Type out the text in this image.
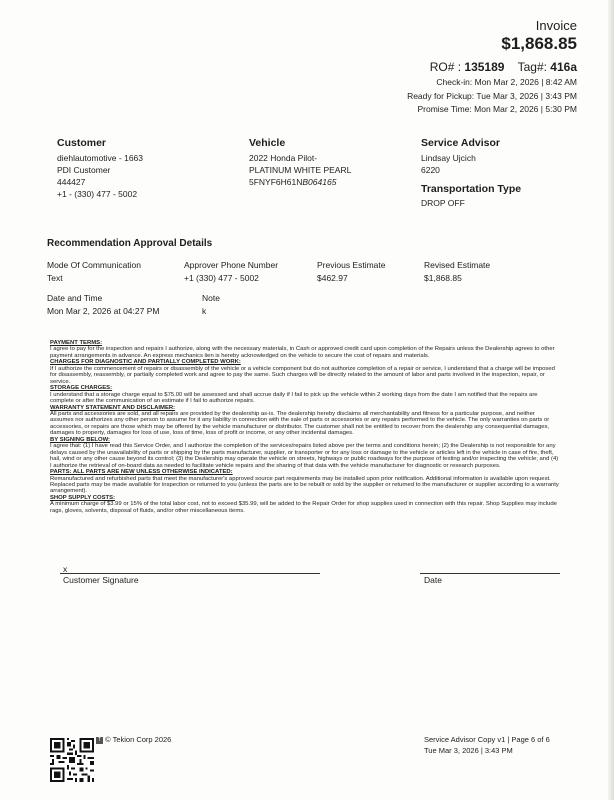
Invoice
$1,868.85
RO# : 135189 Tag#: 416a
Check-in: Mon Mar 2, 2026 | 8:42 AM
Ready for Pickup: Tue Mar 3, 2026 | 3:43 PM
Promise Time: Mon Mar 2, 2026 | 5:30 PM
Customer
diehlautomotive - 1663
PDI Customer
444427
+1 - (330) 477 - 5002
Vehicle
2022 Honda Pilot-
PLATINUM WHITE PEARL
5FNYF6H61NB064165
Service Advisor
Lindsay Ujcich
6220
Transportation Type
DROP OFF
Recommendation Approval Details
Mode Of Communication
Text
Approver Phone Number
+1 (330) 477 - 5002
Previous Estimate
$462.97
Revised Estimate
$1,868.85
Date and Time
Mon Mar 2, 2026 at 04:27 PM
Note
k

PAYMENT TERMS:

I agree to pay for the inspection and repairs I authorize, along with the necessary materials, in Cash or approved credit card upon completion of the Repairs unless the Dealership agrees to other payment arrangements in advance. An express mechanics lien is hereby acknowledged on the vehicle to secure the cost of repairs and materials.

CHARGES FOR DIAGNOSTIC AND PARTIALLY COMPLETED WORK:

If I authorize the commencement of repairs or disassembly of the vehicle or a vehicle component but do not authorize completion of a repair or service, I understand that a charge will be imposed for disassembly, reassembly, or partially completed work and agree to pay the same. Such charges will be directly related to the amount of labor and parts involved in the inspection, repair, or service.

STORAGE CHARGES:

I understand that a storage charge equal to $75.00 will be assessed and shall accrue daily if I fail to pick up the vehicle within 2 working days from the date I am notified that the repairs are complete or after the communication of an estimate if I fail to authorize repairs.

WARRANTY STATEMENT AND DISCLAIMER:

All parts and accessories are sold, and all repairs are provided by the dealership as-is. The dealership hereby disclaims all merchantability and fitness for a particular purpose, and neither assumes nor authorizes any other person to assume for it any liability in connection with the sale of parts or accessories or any repairs performed to the vehicle. The only warranties on parts or accessories, or repairs are those which may be offered by the vehicle manufacturer or distributor. The customer shall not be entitled to recover from the dealership any consequential damages, damages to property, damages for loss of use, loss of time, loss of profit or income, or any other incidental damages.

BY SIGNING BELOW:

I agree that: (1) I have read this Service Order, and I authorize the completion of the services/repairs listed above per the terms and conditions herein; (2) the Dealership is not responsible for any delays caused by the unavailability of parts or shipping by the parts manufacturer, supplier, or transporter or for any loss or damage to the vehicle or articles left in the vehicle in case of fire, theft, hail, wind or any other cause beyond its control; (3) the Dealership may operate the vehicle on streets, highways or public roadways for the purpose of testing and/or inspecting the vehicle; and (4) I authorize the retrieval of on-board data as needed to facilitate vehicle repairs and the sharing of that data with the vehicle manufacturer for diagnostic or research purposes.

PARTS: ALL PARTS ARE NEW UNLESS OTHERWISE INDICATED:

Remanufactured and refurbished parts that meet the manufacturer's approved source part requirements may be installed upon prior notification. Additional information is available upon request. Replaced parts may be made available for inspection or returned to you (unless the parts are to be rebuilt or sold by the supplier or returned to the manufacturer or supplier according to a warranty arrangement).

SHOP SUPPLY COSTS:

A minimum charge of $3.99 or 15% of the total labor cost, not to exceed $35.99, will be added to the Repair Order for shop supplies used in connection with this repair. Shop Supplies may include rags, gloves, solvents, disposal of fluids, and/or other miscellaneous items.

x
Customer Signature	Date
T © Tekion Corp 2026	Service Advisor Copy v1 | Page 6 of 6
Tue Mar 3, 2026 | 3:43 PM
